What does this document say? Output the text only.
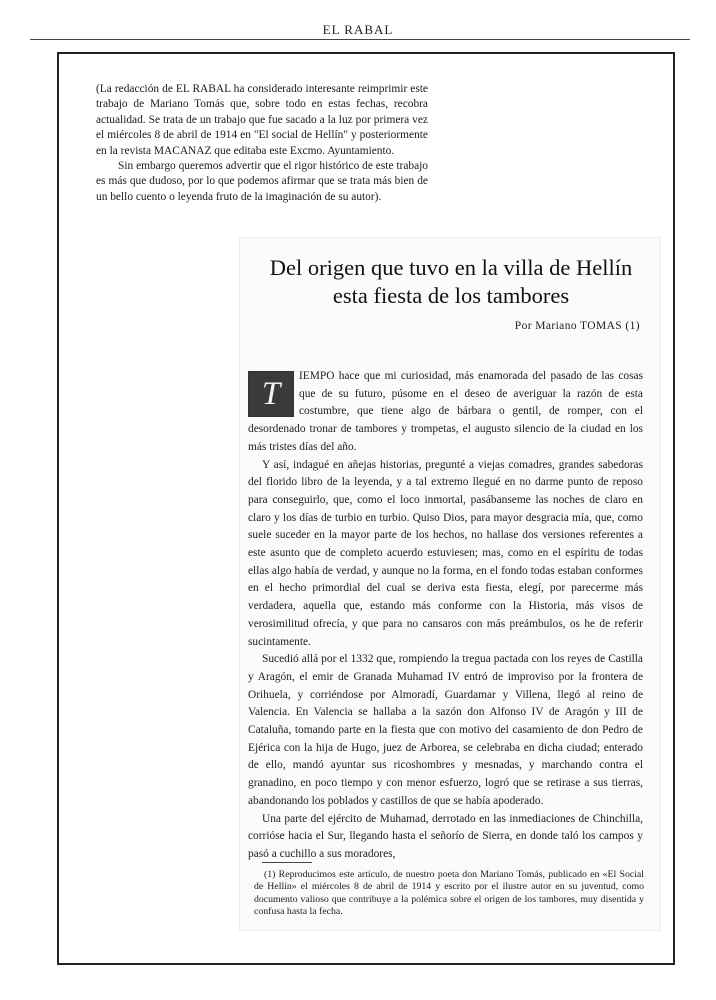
EL RABAL

(La redacción de EL RABAL ha considerado interesante reimprimir este trabajo de Mariano Tomás que, sobre todo en estas fechas, recobra actualidad. Se trata de un trabajo que fue sacado a la luz por primera vez el miércoles 8 de abril de 1914 en "El social de Hellín" y posteriormente en la revista MACANAZ que editaba este Excmo. Ayuntamiento.

Sin embargo queremos advertir que el rigor histórico de este trabajo es más que dudoso, por lo que podemos afirmar que se trata más bien de un bello cuento o leyenda fruto de la imaginación de su autor).

Del origen que tuvo en la villa de Hellín
esta fiesta de los tambores
Por Mariano TOMAS (1)

T	IEMPO hace que mi curiosidad, más enamorada del pasado de las cosas que de su futuro, púsome en el deseo de averiguar la razón de esta costumbre, que tiene algo de bárbara o gentil, de romper, con el desordenado tronar de tambores y trompetas, el augusto silencio de la ciudad en los más tristes días del año.

Y así, indagué en añejas historias, pregunté a viejas comadres, grandes sabedoras del florido libro de la leyenda, y a tal extremo llegué en no darme punto de reposo para conseguirlo, que, como el loco inmortal, pasábanseme las noches de claro en claro y los días de turbio en turbio. Quiso Dios, para mayor desgracia mía, que, como suele suceder en la mayor parte de los hechos, no hallase dos versiones referentes a este asunto que de completo acuerdo estuviesen; mas, como en el espíritu de todas ellas algo había de verdad, y aunque no la forma, en el fondo todas estaban conformes en el hecho primordial del cual se deriva esta fiesta, elegí, por parecerme más verdadera, aquella que, estando más conforme con la Historia, más visos de verosimilitud ofrecía, y que para no cansaros con más preámbulos, os he de referir sucintamente.

Sucedió allá por el 1332 que, rompiendo la tregua pactada con los reyes de Castilla y Aragón, el emir de Granada Muhamad IV entró de improviso por la frontera de Orihuela, y corriéndose por Almoradí, Guardamar y Villena, llegó al reino de Valencia. En Valencia se hallaba a la sazón don Alfonso IV de Aragón y III de Cataluña, tomando parte en la fiesta que con motivo del casamiento de don Pedro de Ejérica con la hija de Hugo, juez de Arborea, se celebraba en dicha ciudad; enterado de ello, mandó ayuntar sus ricoshombres y mesnadas, y marchando contra el granadino, en poco tiempo y con menor esfuerzo, logró que se retirase a sus tierras, abandonando los poblados y castillos de que se había apoderado.

Una parte del ejército de Muhamad, derrotado en las inmediaciones de Chinchilla, corrióse hacia el Sur, llegando hasta el señorío de Sierra, en donde taló los campos y pasó a cuchillo a sus moradores,

(1) Reproducimos este artículo, de nuestro poeta don Mariano Tomás, publicado en «El Social de Hellín» el miércoles 8 de abril de 1914 y escrito por el ilustre autor en su juventud, como documento valioso que contribuye a la polémica sobre el origen de los tambores, muy disentida y confusa hasta la fecha.
